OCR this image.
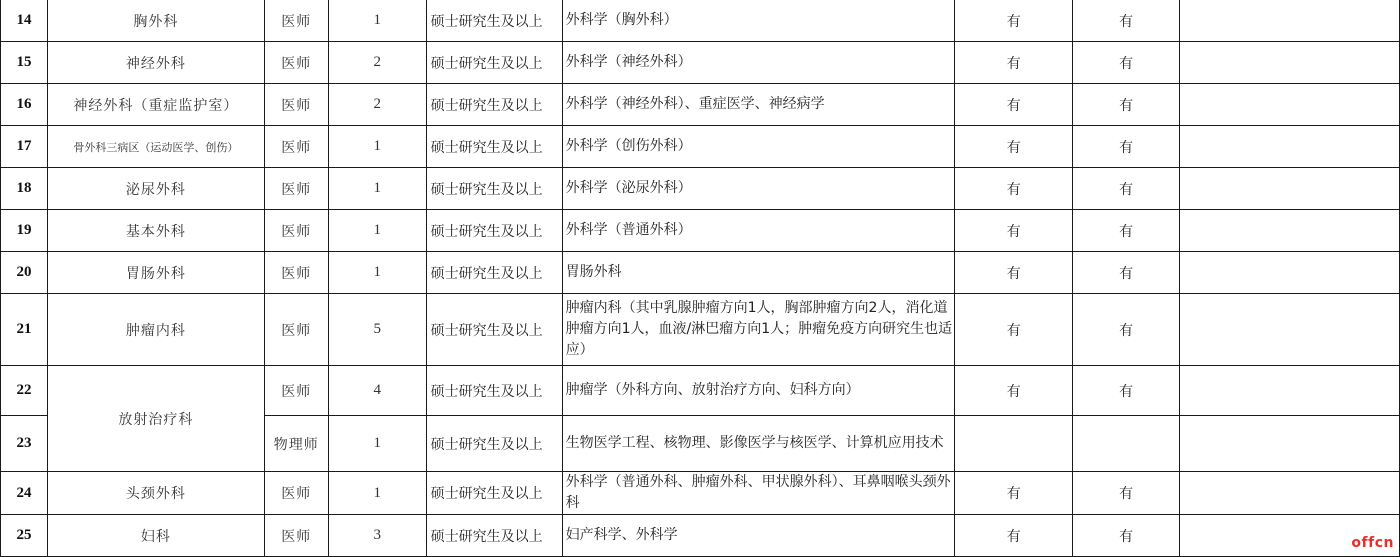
14	胸外科	医师	1	硕士研究生及以上	外科学（胸外科）	有	有	
15	神经外科	医师	2	硕士研究生及以上	外科学（神经外科）	有	有	
16	神经外科（重症监护室）	医师	2	硕士研究生及以上	外科学（神经外科）、重症医学、神经病学	有	有	
17	骨外科三病区（运动医学、创伤）	医师	1	硕士研究生及以上	外科学（创伤外科）	有	有	
18	泌尿外科	医师	1	硕士研究生及以上	外科学（泌尿外科）	有	有	
19	基本外科	医师	1	硕士研究生及以上	外科学（普通外科）	有	有	
20	胃肠外科	医师	1	硕士研究生及以上	胃肠外科	有	有	
21	肿瘤内科	医师	5	硕士研究生及以上	肿瘤内科（其中乳腺肿瘤方向1人，胸部肿瘤方向2人，消化道肿瘤方向1人，血液/淋巴瘤方向1人；肿瘤免疫方向研究生也适应）	有	有	
22	放射治疗科	医师	4	硕士研究生及以上	肿瘤学（外科方向、放射治疗方向、妇科方向）	有	有	
23		物理师	1	硕士研究生及以上	生物医学工程、核物理、影像医学与核医学、计算机应用技术			
24	头颈外科	医师	1	硕士研究生及以上	外科学（普通外科、肿瘤外科、甲状腺外科）、耳鼻咽喉头颈外科	有	有	
25	妇科	医师	3	硕士研究生及以上	妇产科学、外科学	有	有		offcn
